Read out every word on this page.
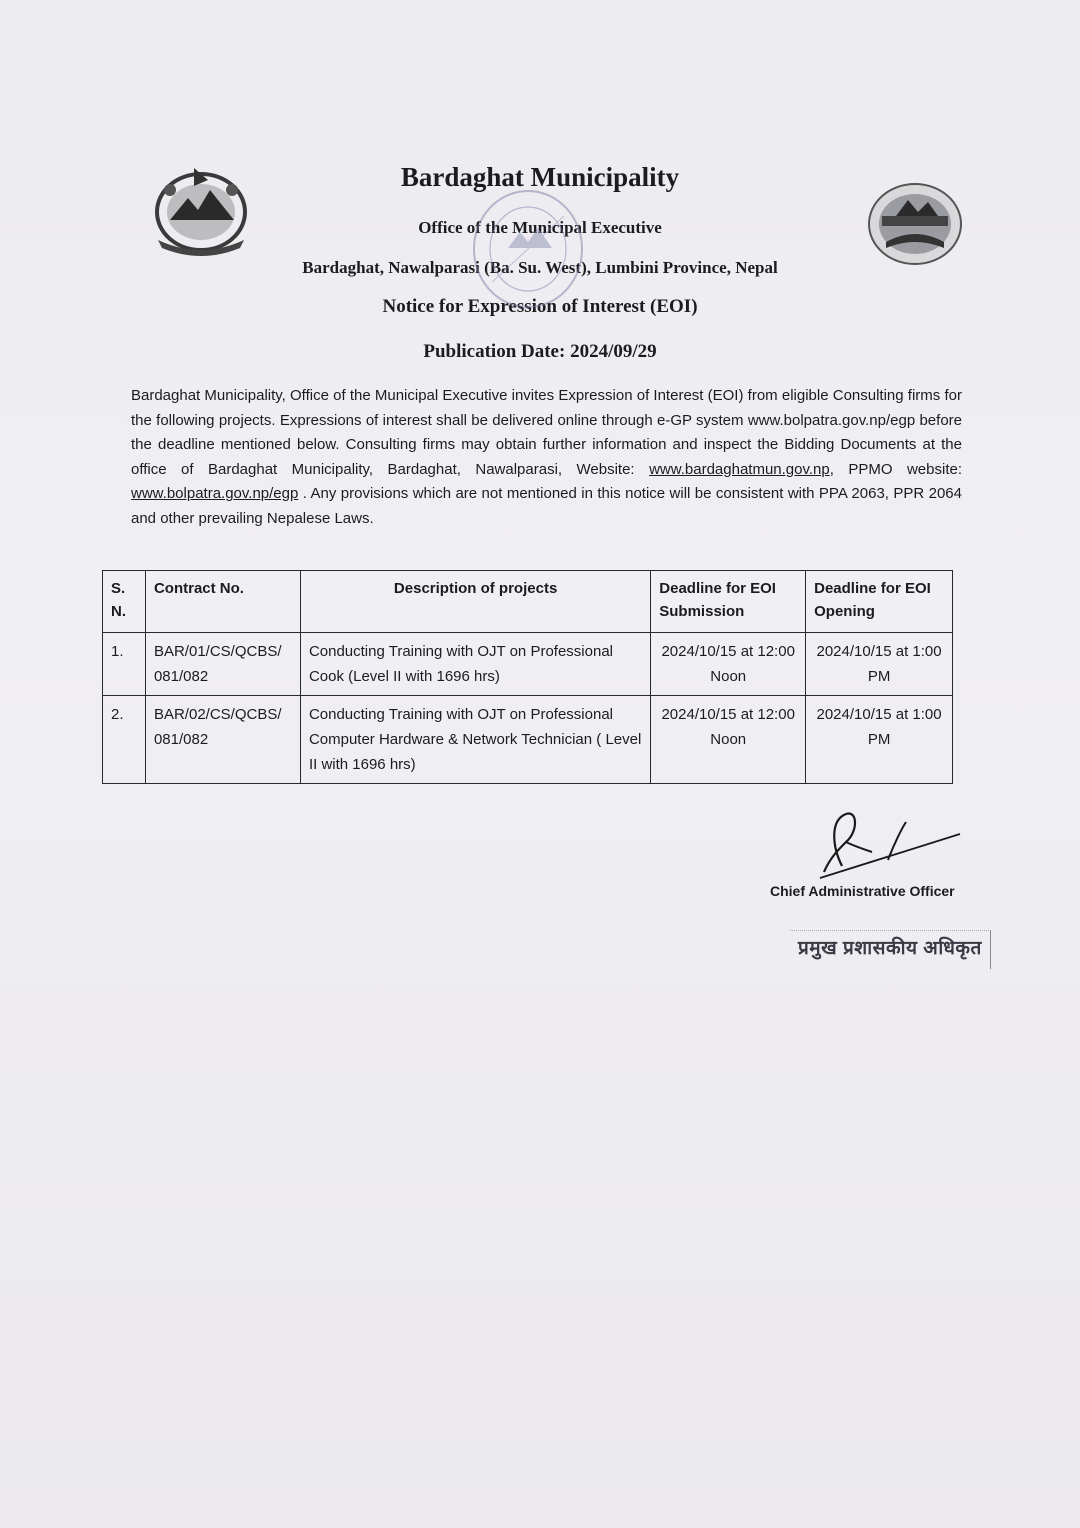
Bardaghat Municipality
Office of the Municipal Executive
Bardaghat, Nawalparasi (Ba. Su. West), Lumbini Province, Nepal
Notice for Expression of Interest (EOI)
Publication Date: 2024/09/29
Bardaghat Municipality, Office of the Municipal Executive invites Expression of Interest (EOI) from eligible Consulting firms for the following projects. Expressions of interest shall be delivered online through e-GP system www.bolpatra.gov.np/egp before the deadline mentioned below. Consulting firms may obtain further information and inspect the Bidding Documents at the office of Bardaghat Municipality, Bardaghat, Nawalparasi, Website: www.bardaghatmun.gov.np, PPMO website: www.bolpatra.gov.np/egp . Any provisions which are not mentioned in this notice will be consistent with PPA 2063, PPR 2064 and other prevailing Nepalese Laws.
S. N.	Contract No.	Description of projects	Deadline for EOI Submission	Deadline for EOI Opening
1.	BAR/01/CS/QCBS/ 081/082	Conducting Training with OJT on Professional Cook (Level II with 1696 hrs)	2024/10/15 at 12:00 Noon	2024/10/15 at 1:00 PM
2.	BAR/02/CS/QCBS/ 081/082	Conducting Training with OJT on Professional Computer Hardware & Network Technician ( Level II with 1696 hrs)	2024/10/15 at 12:00 Noon	2024/10/15 at 1:00 PM
Chief Administrative Officer
प्रमुख प्रशासकीय अधिकृत
